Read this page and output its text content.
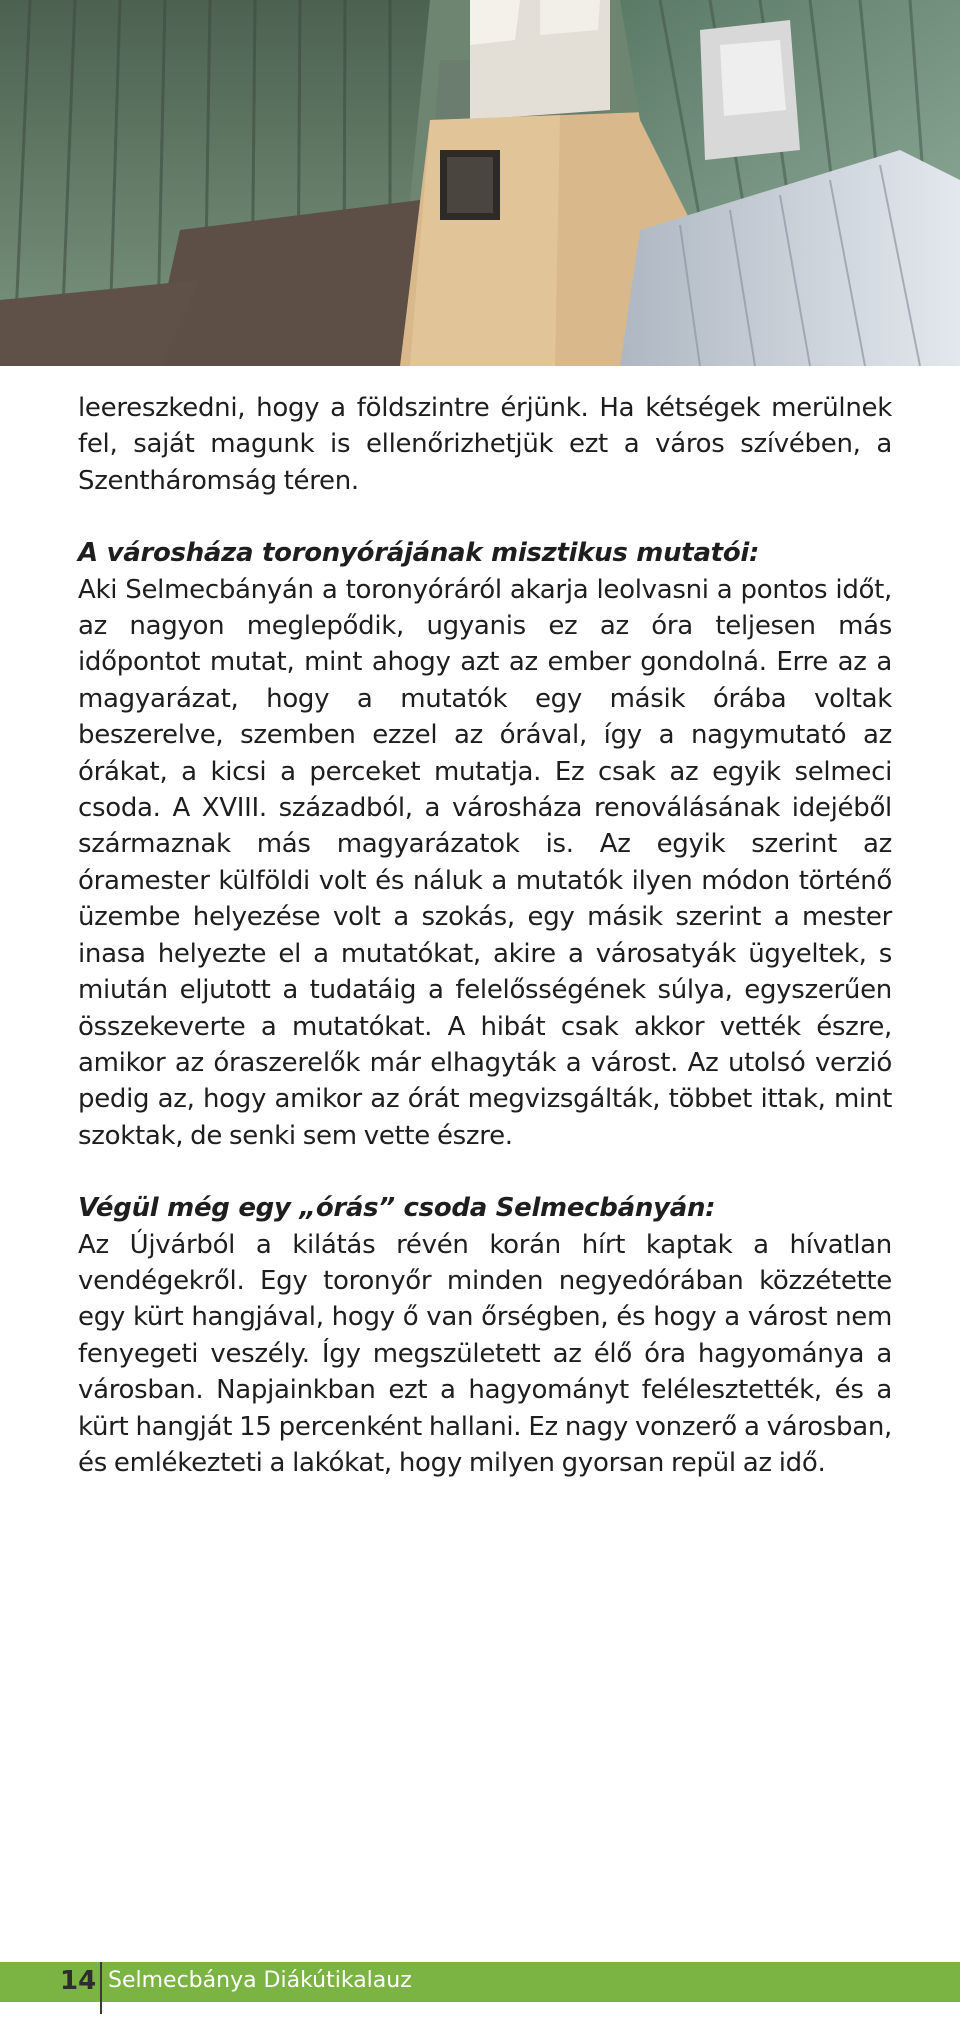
leereszkedni, hogy a földszintre érjünk. Ha kétségek merülnek fel, saját magunk is ellenőrizhetjük ezt a város szívében, a Szentháromság téren.

A városháza toronyórájának misztikus mutatói:

Aki Selmecbányán a toronyóráról akarja leolvasni a pontos időt, az nagyon meglepődik, ugyanis ez az óra teljesen más időpontot mutat, mint ahogy azt az ember gondolná. Erre az a magyarázat, hogy a mutatók egy másik órába voltak beszerelve, szemben ezzel az órával, így a nagymutató az órákat, a kicsi a perceket mutatja. Ez csak az egyik selmeci csoda. A XVIII. századból, a városháza renoválásának idejéből származnak más magyarázatok is. Az egyik szerint az óramester külföldi volt és náluk a mutatók ilyen módon történő üzembe helyezése volt a szokás, egy másik szerint a mester inasa helyezte el a mutatókat, akire a városatyák ügyeltek, s miután eljutott a tudatáig a felelősségének súlya, egyszerűen összekeverte a mutatókat. A hibát csak akkor vették észre, amikor az óraszerelők már elhagyták a várost. Az utolsó verzió pedig az, hogy amikor az órát megvizsgálták, többet ittak, mint szoktak, de senki sem vette észre.

Végül még egy „órás” csoda Selmecbányán:

Az Újvárból a kilátás révén korán hírt kaptak a hívatlan vendégekről. Egy toronyőr minden negyedórában közzétette egy kürt hangjával, hogy ő van őrségben, és hogy a várost nem fenyegeti veszély. Így megszületett az élő óra hagyománya a városban. Napjainkban ezt a hagyományt felélesztették, és a kürt hangját 15 percenként hallani. Ez nagy vonzerő a városban, és emlékezteti a lakókat, hogy milyen gyorsan repül az idő.

14 Selmecbánya Diákútikalauz
